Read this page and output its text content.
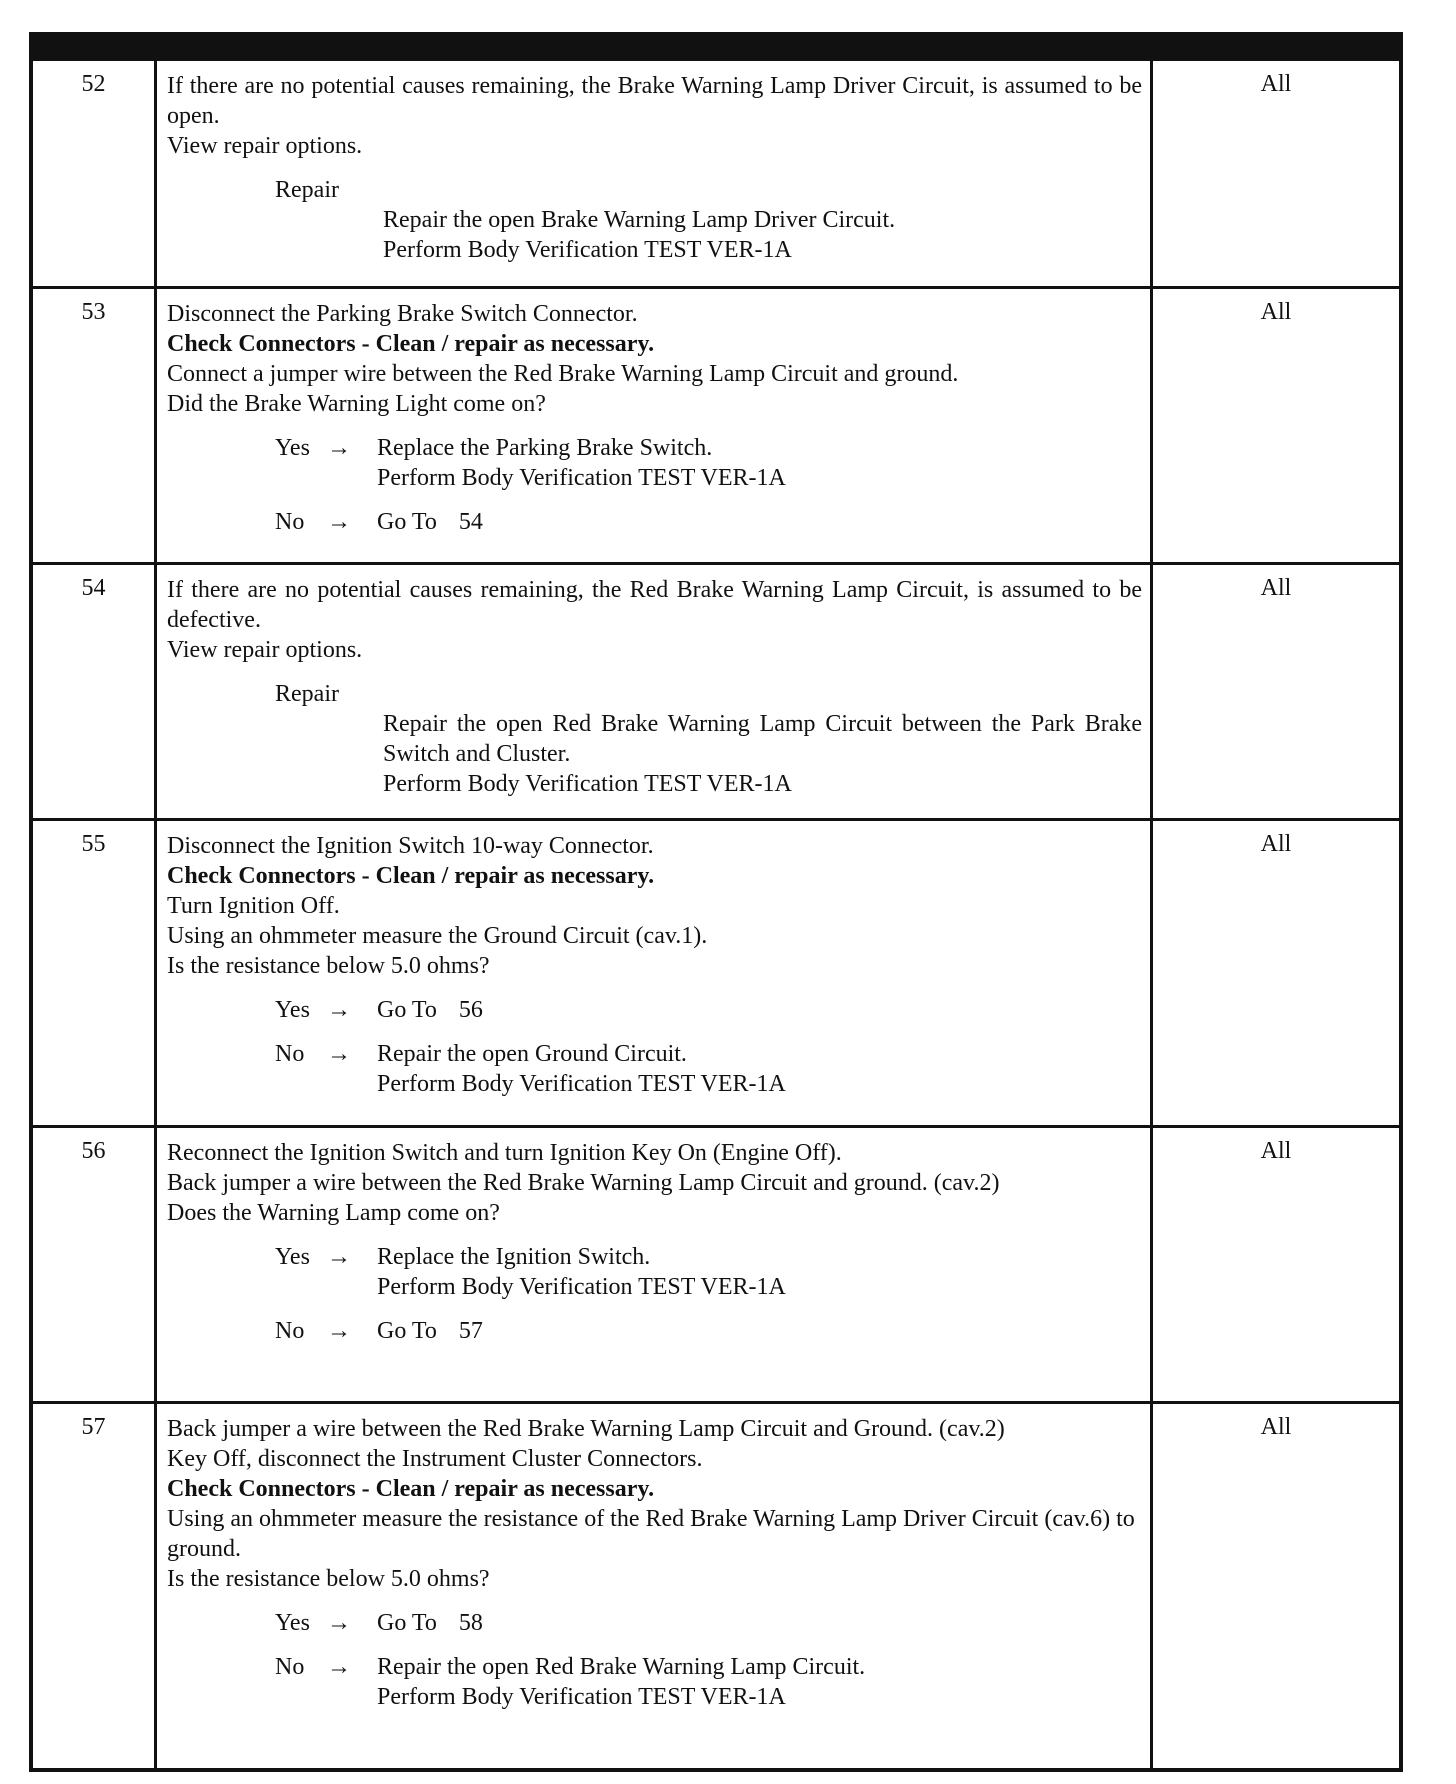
52	If there are no potential causes remaining, the Brake Warning Lamp Driver Circuit, is assumed to be open.
View repair options.
Repair
Repair the open Brake Warning Lamp Driver Circuit.
Perform Body Verification TEST VER-1A
All
53	Disconnect the Parking Brake Switch Connector.
Check Connectors - Clean / repair as necessary.
Connect a jumper wire between the Red Brake Warning Lamp Circuit and ground.
Did the Brake Warning Light come on?
Yes →	Replace the Parking Brake Switch.
Perform Body Verification TEST VER-1A
No →	Go To 54
All
54	If there are no potential causes remaining, the Red Brake Warning Lamp Circuit, is assumed to be defective.
View repair options.
Repair
Repair the open Red Brake Warning Lamp Circuit between the Park Brake Switch and Cluster.
Perform Body Verification TEST VER-1A
All
55	Disconnect the Ignition Switch 10-way Connector.
Check Connectors - Clean / repair as necessary.
Turn Ignition Off.
Using an ohmmeter measure the Ground Circuit (cav.1).
Is the resistance below 5.0 ohms?
Yes →	Go To 56
No →	Repair the open Ground Circuit.
Perform Body Verification TEST VER-1A
All
56	Reconnect the Ignition Switch and turn Ignition Key On (Engine Off).
Back jumper a wire between the Red Brake Warning Lamp Circuit and ground. (cav.2)
Does the Warning Lamp come on?
Yes →	Replace the Ignition Switch.
Perform Body Verification TEST VER-1A
No →	Go To 57
All
57	Back jumper a wire between the Red Brake Warning Lamp Circuit and Ground. (cav.2)
Key Off, disconnect the Instrument Cluster Connectors.
Check Connectors - Clean / repair as necessary.
Using an ohmmeter measure the resistance of the Red Brake Warning Lamp Driver Circuit (cav.6) to ground.
Is the resistance below 5.0 ohms?
Yes →	Go To 58
No →	Repair the open Red Brake Warning Lamp Circuit.
Perform Body Verification TEST VER-1A
All
